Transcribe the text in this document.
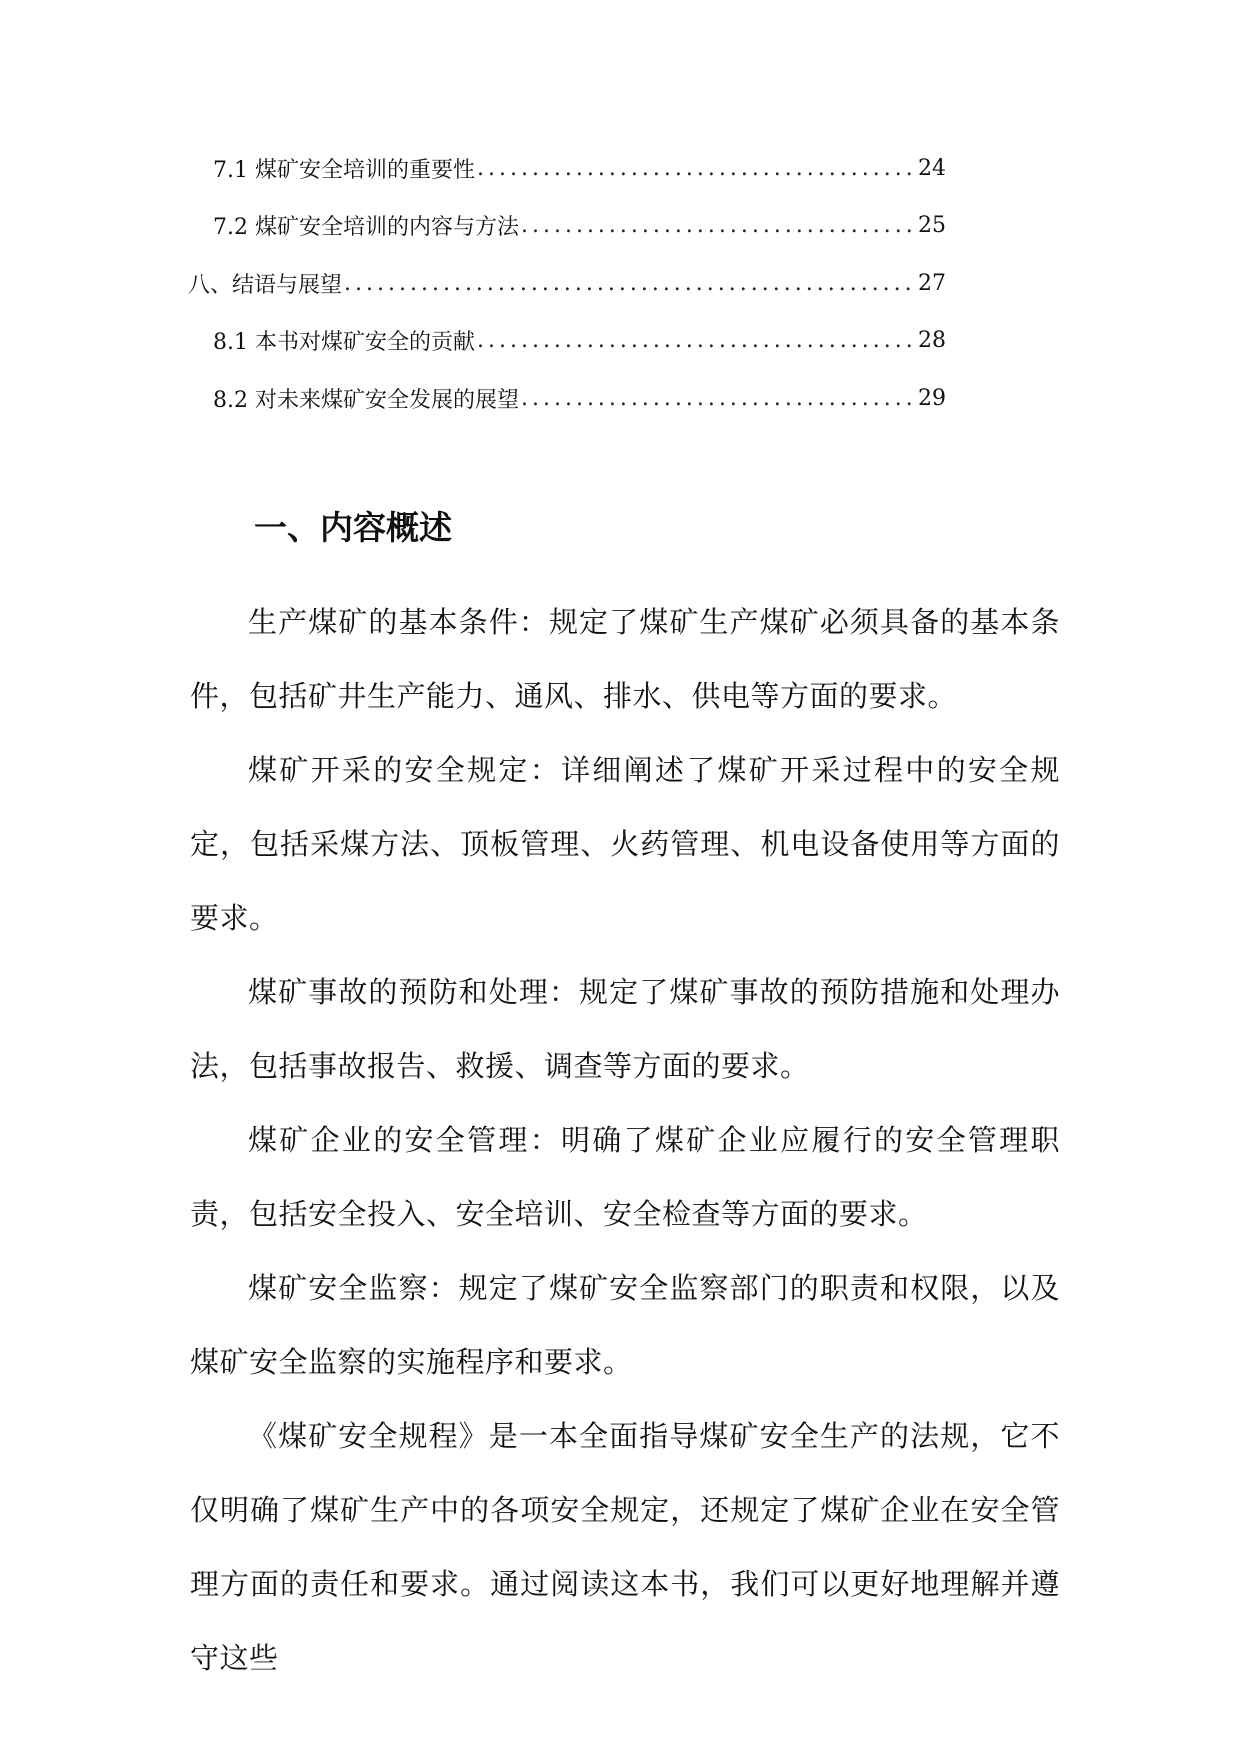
7.1 煤矿安全培训的重要性 .....	24
7.2 煤矿安全培训的内容与方法 .....	25
八、结语与展望 .....	27
8.1 本书对煤矿安全的贡献 .....	28
8.2 对未来煤矿安全发展的展望 .....	29
一、内容概述

生产煤矿的基本条件：规定了煤矿生产煤矿必须具备的基本条件，包括矿井生产能力、通风、排水、供电等方面的要求。

煤矿开采的安全规定：详细阐述了煤矿开采过程中的安全规定，包括采煤方法、顶板管理、火药管理、机电设备使用等方面的要求。

煤矿事故的预防和处理：规定了煤矿事故的预防措施和处理办法，包括事故报告、救援、调查等方面的要求。

煤矿企业的安全管理：明确了煤矿企业应履行的安全管理职责，包括安全投入、安全培训、安全检查等方面的要求。

煤矿安全监察：规定了煤矿安全监察部门的职责和权限，以及煤矿安全监察的实施程序和要求。

《煤矿安全规程》是一本全面指导煤矿安全生产的法规，它不仅明确了煤矿生产中的各项安全规定，还规定了煤矿企业在安全管理方面的责任和要求。通过阅读这本书，我们可以更好地理解并遵守这些
